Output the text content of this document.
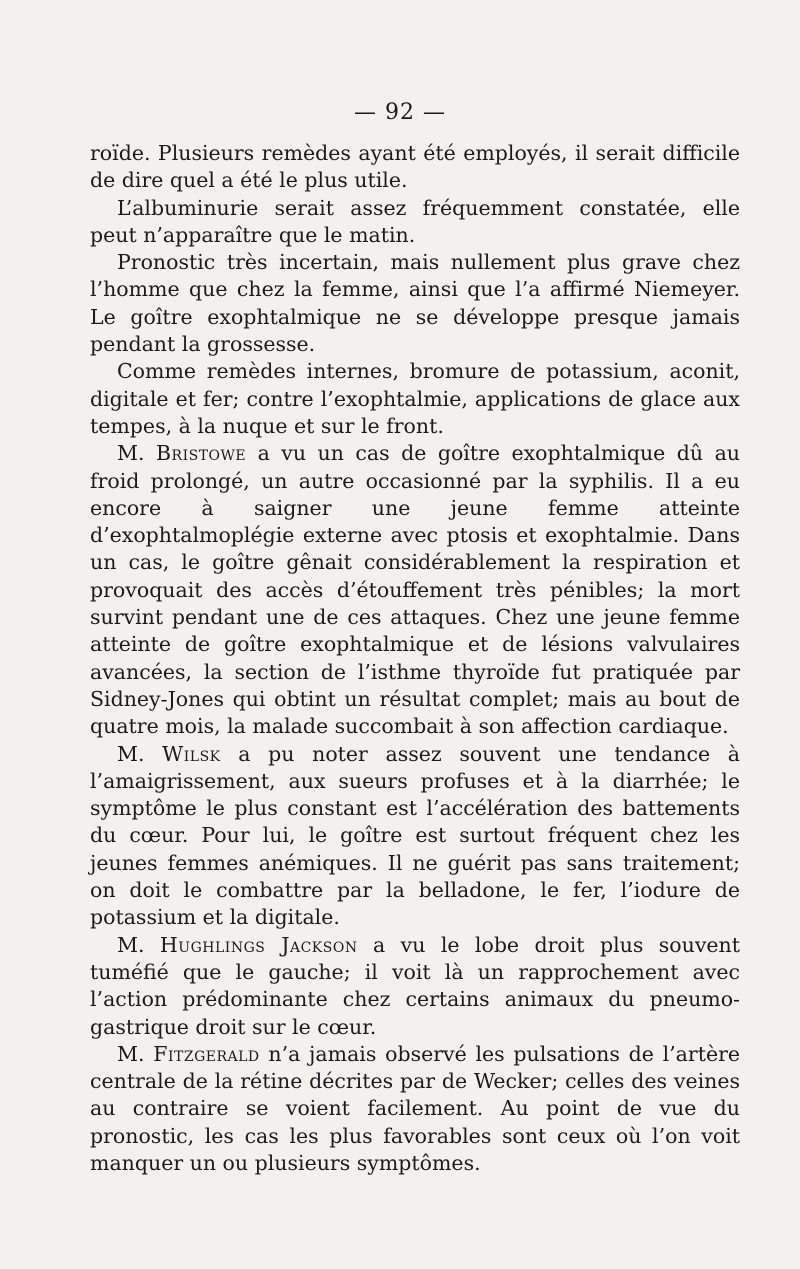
— 92 —

roïde. Plusieurs remèdes ayant été employés, il serait difficile de dire quel a été le plus utile.

L’albuminurie serait assez fréquemment constatée, elle peut n’apparaître que le matin.

Pronostic très incertain, mais nullement plus grave chez l’homme que chez la femme, ainsi que l’a affirmé Niemeyer. Le goître exophtalmique ne se développe presque jamais pendant la grossesse.

Comme remèdes internes, bromure de potassium, aconit, digitale et fer; contre l’exophtalmie, applications de glace aux tempes, à la nuque et sur le front.

M. Bristowe a vu un cas de goître exophtalmique dû au froid prolongé, un autre occasionné par la syphilis. Il a eu encore à saigner une jeune femme atteinte d’exophtalmoplégie externe avec ptosis et exophtalmie. Dans un cas, le goître gênait considérablement la respiration et provoquait des accès d’étouffement très pénibles; la mort survint pendant une de ces attaques. Chez une jeune femme atteinte de goître exophtalmique et de lésions valvulaires avancées, la section de l’isthme thyroïde fut pratiquée par Sidney-Jones qui obtint un résultat complet; mais au bout de quatre mois, la malade succombait à son affection cardiaque.

M. Wilsk a pu noter assez souvent une tendance à l’amaigrissement, aux sueurs profuses et à la diarrhée; le symptôme le plus constant est l’accélération des battements du cœur. Pour lui, le goître est surtout fréquent chez les jeunes femmes anémiques. Il ne guérit pas sans traitement; on doit le combattre par la belladone, le fer, l’iodure de potassium et la digitale.

M. Hughlings Jackson a vu le lobe droit plus souvent tuméfié que le gauche; il voit là un rapprochement avec l’action prédominante chez certains animaux du pneumo-gastrique droit sur le cœur.

M. Fitzgerald n’a jamais observé les pulsations de l’artère centrale de la rétine décrites par de Wecker; celles des veines au contraire se voient facilement. Au point de vue du pronostic, les cas les plus favorables sont ceux où l’on voit manquer un ou plusieurs symptômes.
